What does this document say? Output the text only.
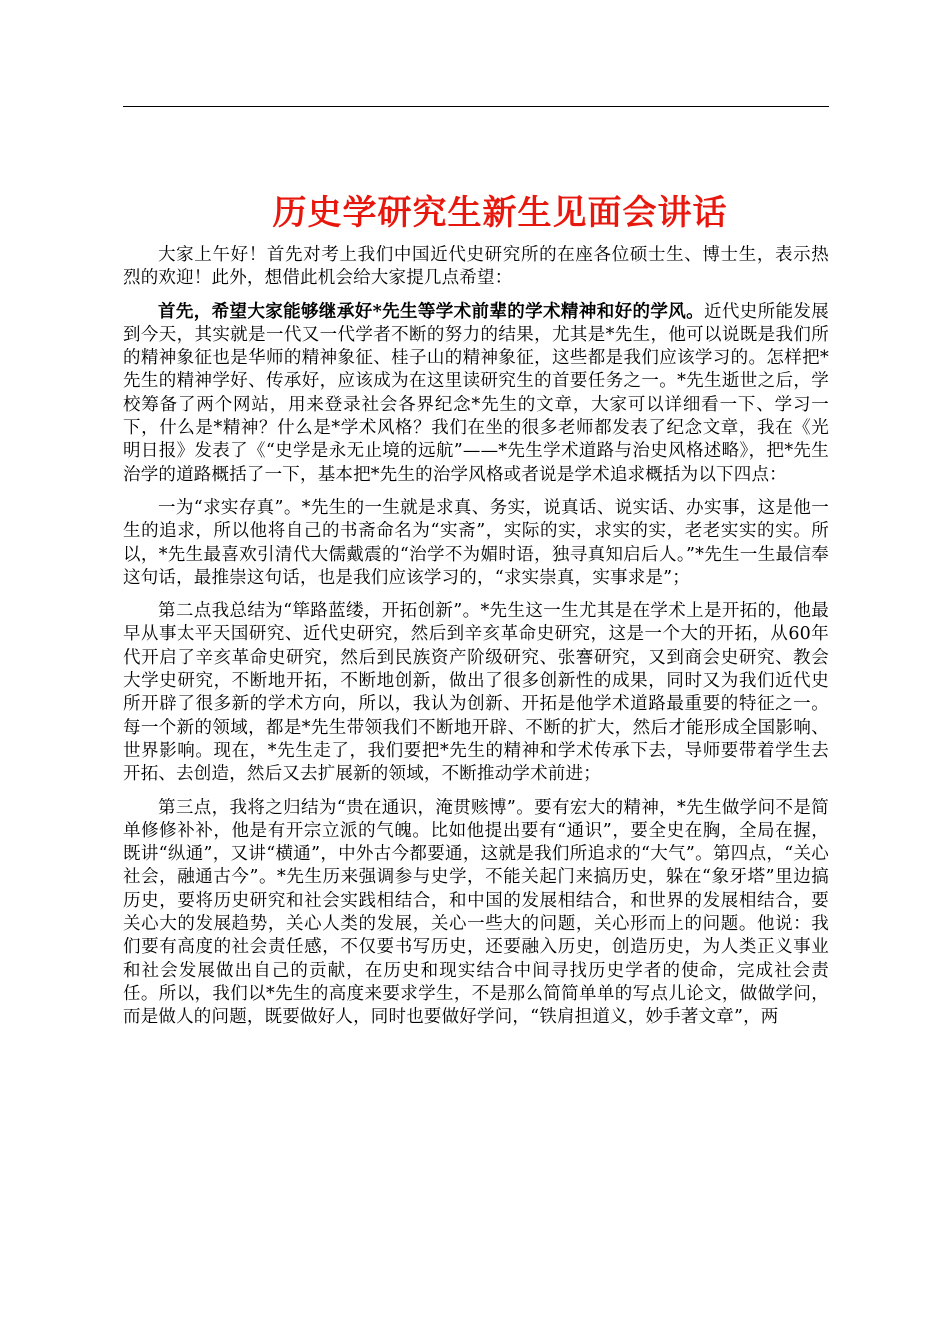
历史学研究生新生见面会讲话

大家上午好！首先对考上我们中国近代史研究所的在座各位硕士生、博士生，表示热烈的欢迎！此外，想借此机会给大家提几点希望：

首先，希望大家能够继承好*先生等学术前辈的学术精神和好的学风。近代史所能发展到今天，其实就是一代又一代学者不断的努力的结果，尤其是*先生，他可以说既是我们所的精神象征也是华师的精神象征、桂子山的精神象征，这些都是我们应该学习的。怎样把*先生的精神学好、传承好，应该成为在这里读研究生的首要任务之一。*先生逝世之后，学校筹备了两个网站，用来登录社会各界纪念*先生的文章，大家可以详细看一下、学习一下，什么是*精神？什么是*学术风格？我们在坐的很多老师都发表了纪念文章，我在《光明日报》发表了《“史学是永无止境的远航”——*先生学术道路与治史风格述略》，把*先生治学的道路概括了一下，基本把*先生的治学风格或者说是学术追求概括为以下四点：

一为“求实存真”。*先生的一生就是求真、务实，说真话、说实话、办实事，这是他一生的追求，所以他将自己的书斋命名为“实斋”，实际的实，求实的实，老老实实的实。所以，*先生最喜欢引清代大儒戴震的“治学不为媚时语，独寻真知启后人。”*先生一生最信奉这句话，最推崇这句话，也是我们应该学习的，“求实崇真，实事求是”；

第二点我总结为“筚路蓝缕，开拓创新”。*先生这一生尤其是在学术上是开拓的，他最早从事太平天国研究、近代史研究，然后到辛亥革命史研究，这是一个大的开拓，从60年代开启了辛亥革命史研究，然后到民族资产阶级研究、张謇研究，又到商会史研究、教会大学史研究，不断地开拓，不断地创新，做出了很多创新性的成果，同时又为我们近代史所开辟了很多新的学术方向，所以，我认为创新、开拓是他学术道路最重要的特征之一。每一个新的领域，都是*先生带领我们不断地开辟、不断的扩大，然后才能形成全国影响、世界影响。现在，*先生走了，我们要把*先生的精神和学术传承下去，导师要带着学生去开拓、去创造，然后又去扩展新的领域，不断推动学术前进；

第三点，我将之归结为“贵在通识，淹贯赅博”。要有宏大的精神，*先生做学问不是简单修修补补，他是有开宗立派的气魄。比如他提出要有“通识”，要全史在胸，全局在握，既讲“纵通”，又讲“横通”，中外古今都要通，这就是我们所追求的“大气”。第四点，“关心社会，融通古今”。*先生历来强调参与史学，不能关起门来搞历史，躲在“象牙塔”里边搞历史，要将历史研究和社会实践相结合，和中国的发展相结合，和世界的发展相结合，要关心大的发展趋势，关心人类的发展，关心一些大的问题，关心形而上的问题。他说：我们要有高度的社会责任感，不仅要书写历史，还要融入历史，创造历史，为人类正义事业和社会发展做出自己的贡献，在历史和现实结合中间寻找历史学者的使命，完成社会责任。所以，我们以*先生的高度来要求学生，不是那么简简单单的写点儿论文，做做学问，而是做人的问题，既要做好人，同时也要做好学问，“铁肩担道义，妙手著文章”，两
